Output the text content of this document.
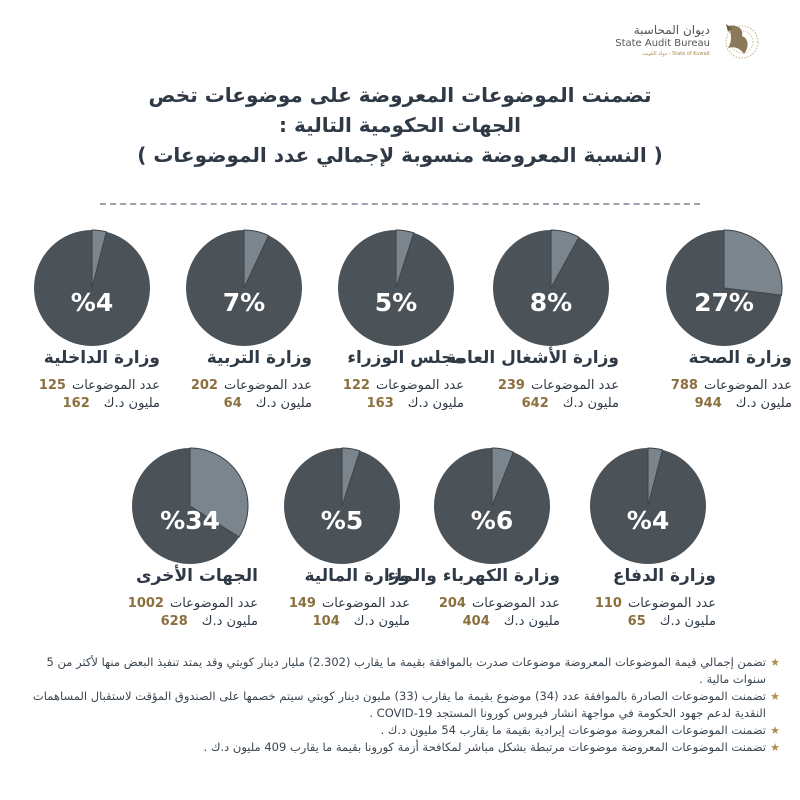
ديوان المحاسبة
State Audit Bureau
دولة الكويت - State of Kuwait
تضمنت الموضوعات المعروضة على موضوعات تخص
الجهات الحكومية التالية :
( النسبة المعروضة منسوبة لإجمالي عدد الموضوعات )
27%
وزارة الصحة
عدد الموضوعات788
مليون د.ك944
8%
وزارة الأشغال العامة
عدد الموضوعات239
مليون د.ك642
5%
مجلس الوزراء
عدد الموضوعات122
مليون د.ك163
7%
وزارة التربية
عدد الموضوعات202
مليون د.ك64
%4
وزارة الداخلية
عدد الموضوعات125
مليون د.ك162
%4
وزارة الدفاع
عدد الموضوعات110
مليون د.ك65
%6
وزارة الكهرباء والماء
عدد الموضوعات204
مليون د.ك404
%5
وزارة المالية
عدد الموضوعات149
مليون د.ك104
%34
الجهات الأخرى
عدد الموضوعات1002
مليون د.ك628
★
تضمن إجمالي قيمة الموضوعات المعروضة موضوعات صدرت بالموافقة بقيمة ما يقارب (2.302) مليار دينار كويتي وقد يمتد تنفيذ البعض منها لأكثر من 5 سنوات مالية .
★
تضمنت الموضوعات الصادرة بالموافقة عدد (34) موضوع بقيمة ما يقارب (33) مليون دينار كويتي سيتم خصمها على الصندوق المؤقت لاستقبال المساهمات النقدية لدعم جهود الحكومة في مواجهة انشار فيروس كورونا المستجد COVID-19 .
★
تضمنت الموضوعات المعروضة موضوعات إيرادية بقيمة ما يقارب 54 مليون د.ك .
★
تضمنت الموضوعات المعروضة موضوعات مرتبطة بشكل مباشر لمكافحة أزمة كورونا بقيمة ما يقارب 409 مليون د.ك .
